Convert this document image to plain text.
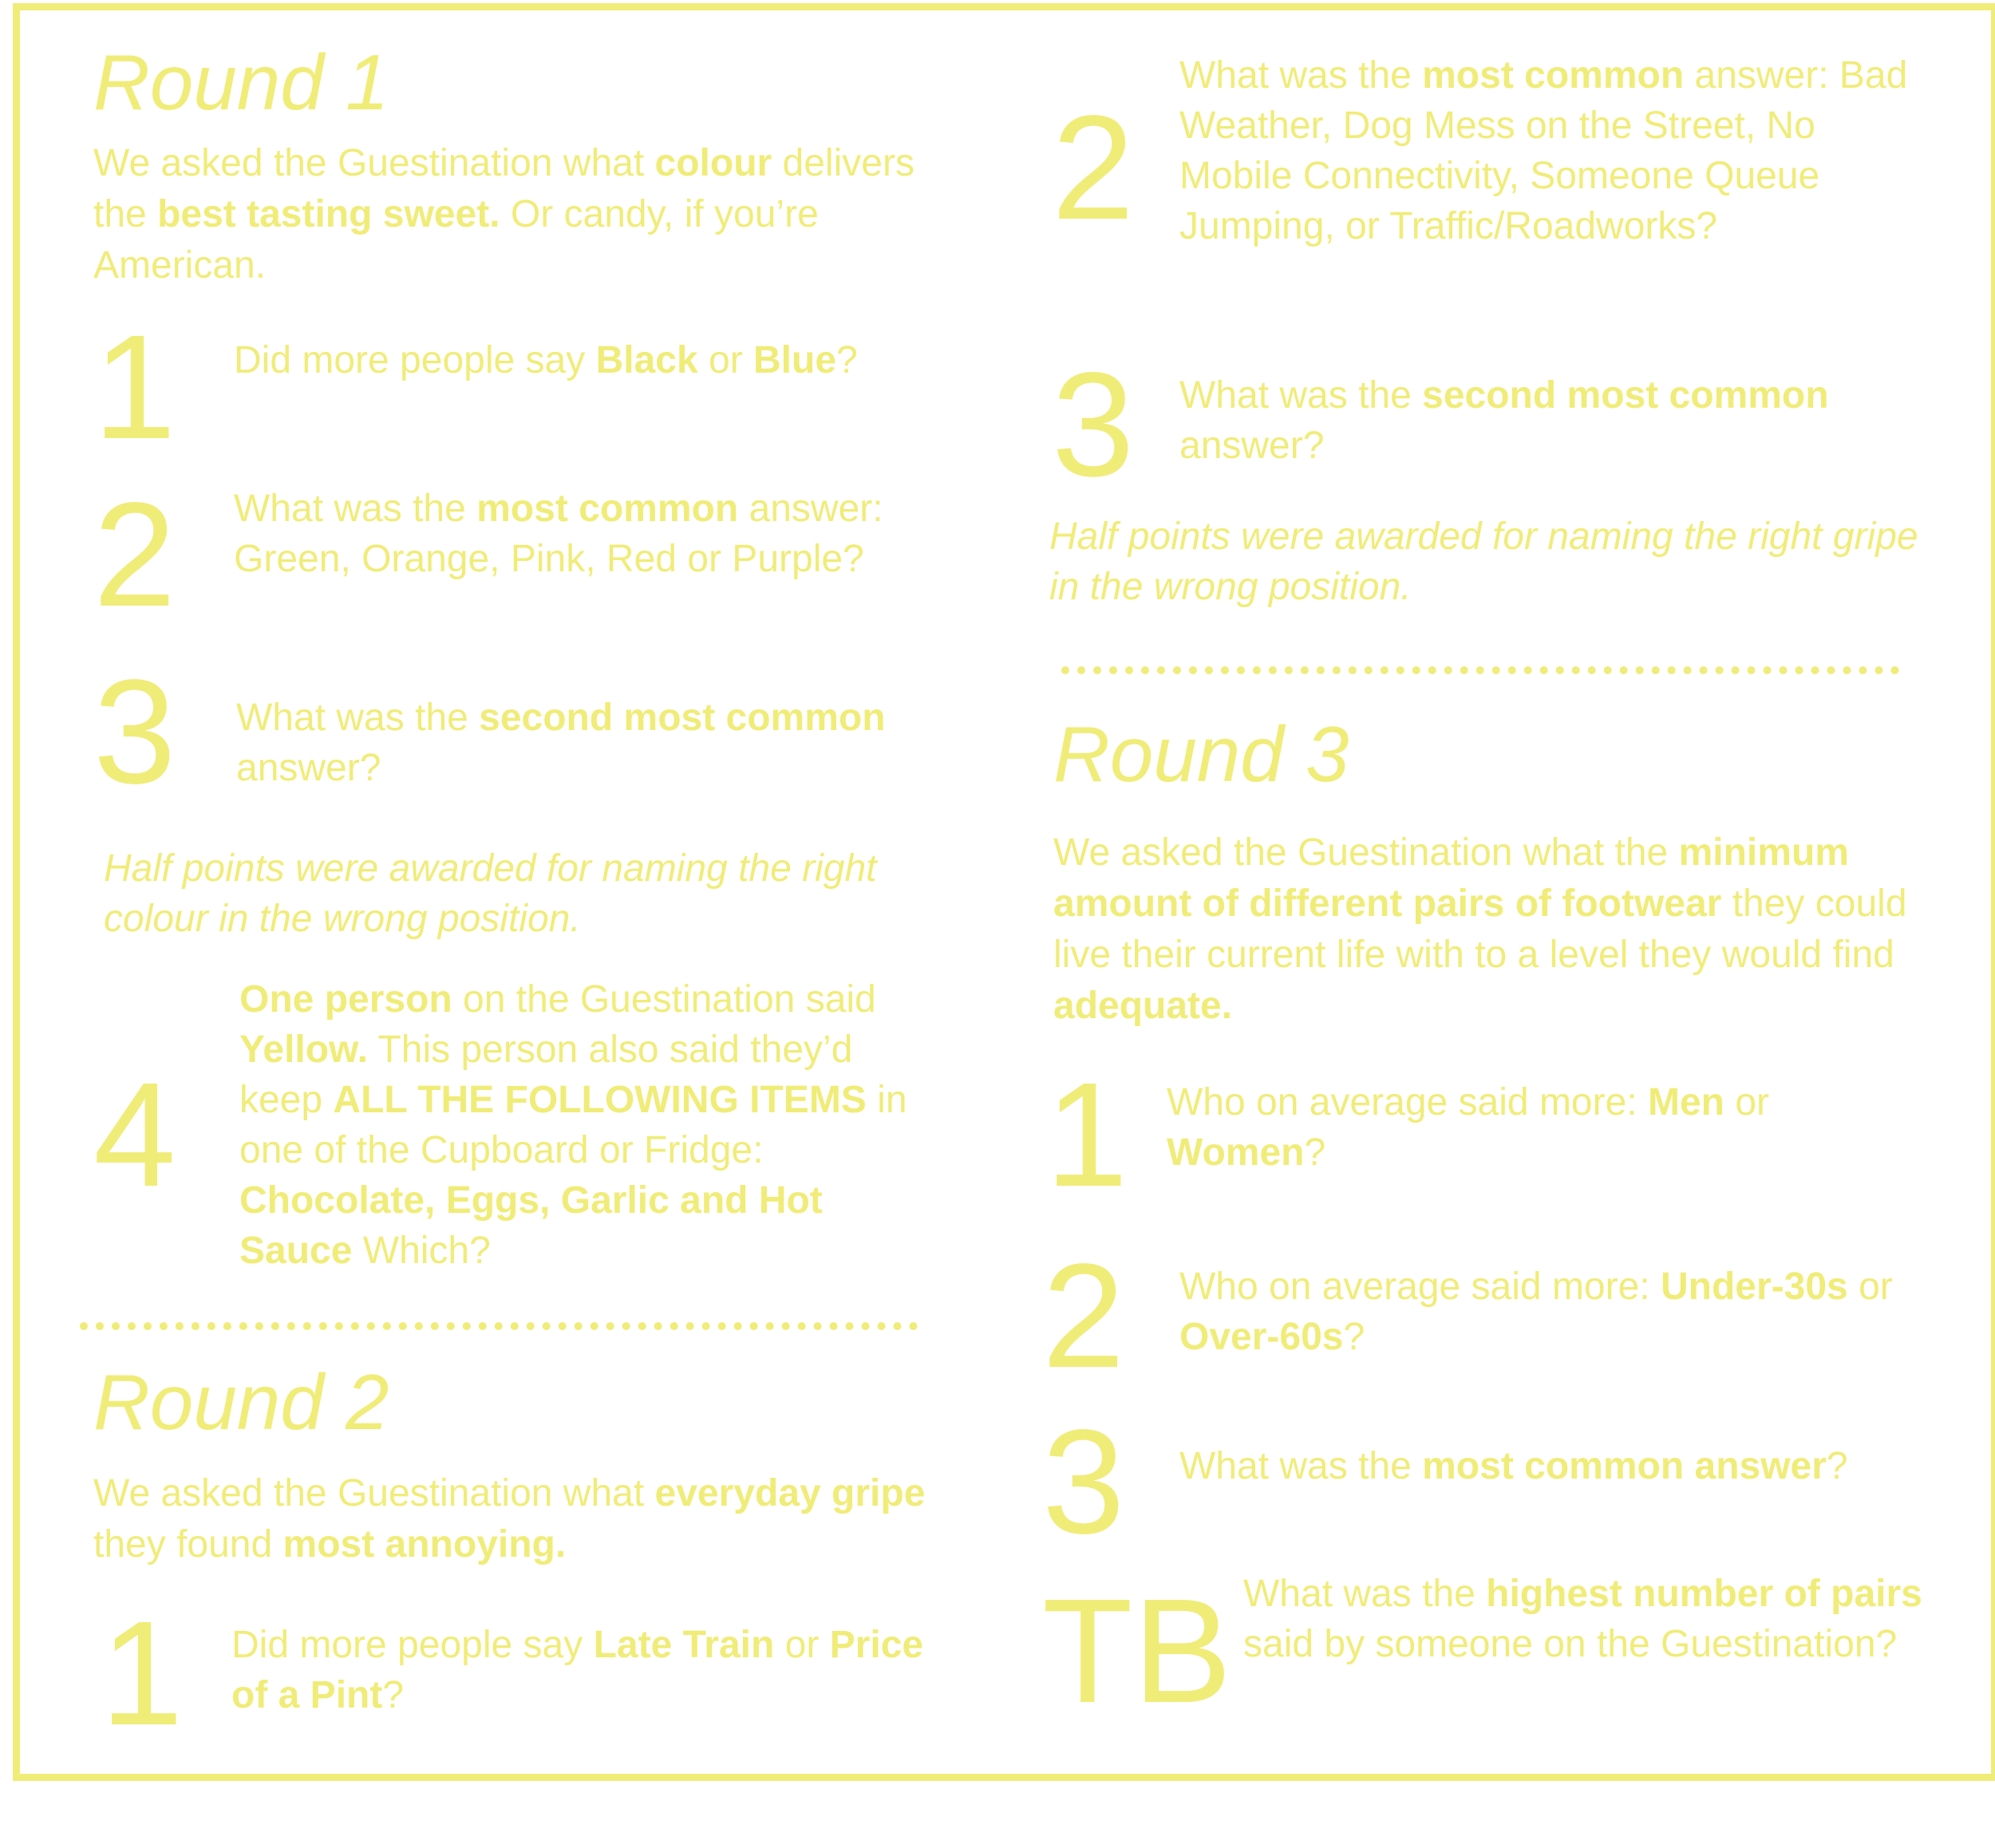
Round 1
We asked the Guestination what colour delivers the best tasting sweet. Or candy, if you’re American.
1 Did more people say Black or Blue?
2 What was the most common answer: Green, Orange, Pink, Red or Purple?
3 What was the second most common answer?
Half points were awarded for naming the right colour in the wrong position.
4
One person on the Guestination said Yellow. This person also said they’d keep ALL THE FOLLOWING ITEMS in one of the Cupboard or Fridge: Chocolate, Eggs, Garlic and Hot Sauce Which?
Round 2
We asked the Guestination what everyday gripe they found most annoying.
1 Did more people say Late Train or Price of a Pint?
2
What was the most common answer: Bad Weather, Dog Mess on the Street, No Mobile Connectivity, Someone Queue Jumping, or Traffic/Roadworks?
3 What was the second most common answer?
Half points were awarded for naming the right gripe in the wrong position.
Round 3
We asked the Guestination what the minimum amount of different pairs of footwear they could live their current life with to a level they would find adequate.
1 Who on average said more: Men or Women?
2 Who on average said more: Under-30s or Over-60s?
3 What was the most common answer?
TB What was the highest number of pairs said by someone on the Guestination?
